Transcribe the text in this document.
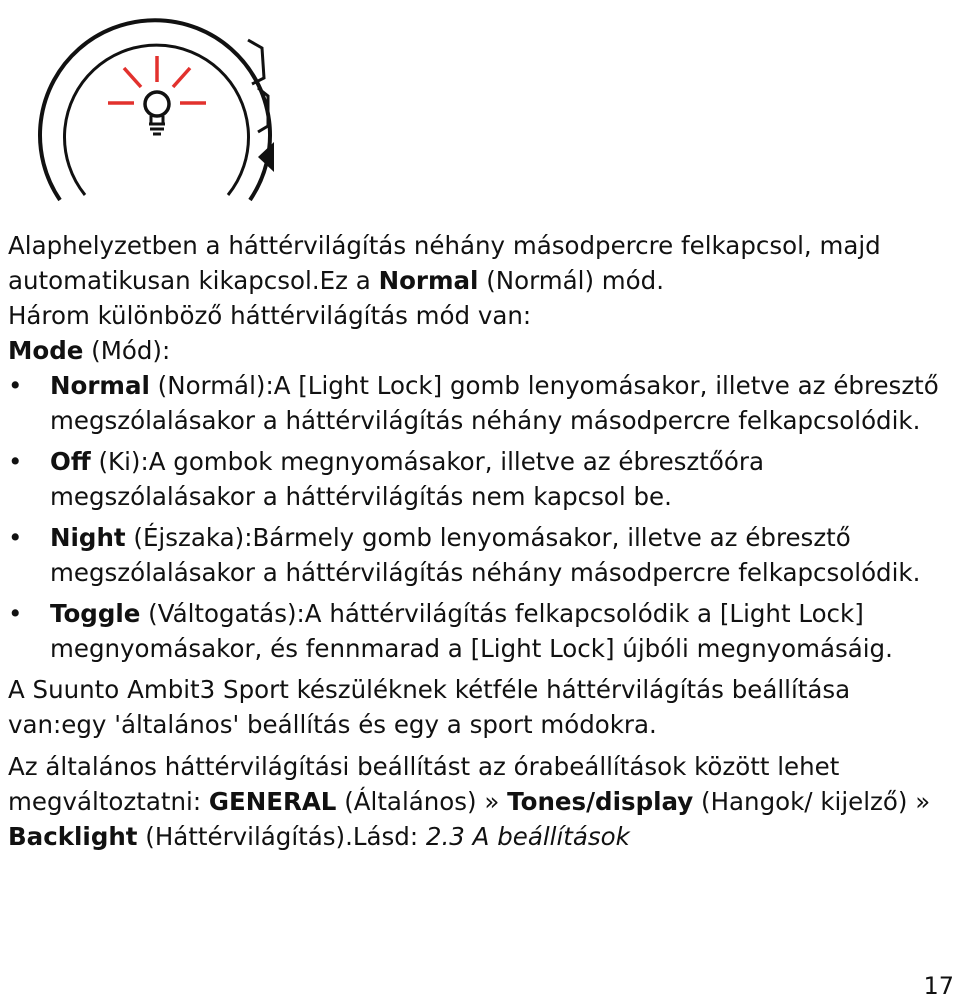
Alaphelyzetben a háttérvilágítás néhány másodpercre felkapcsol, majd automatikusan kikapcsol.Ez a Normal (Normál) mód.

Három különböző háttérvilágítás mód van:

Mode (Mód):

•	Normal (Normál):A [Light Lock] gomb lenyomásakor, illetve az ébresztő megszólalásakor a háttérvilágítás néhány másodpercre felkapcsolódik.
•	Off (Ki):A gombok megnyomásakor, illetve az ébresztőóra megszólalásakor a háttérvilágítás nem kapcsol be.
•	Night (Éjszaka):Bármely gomb lenyomásakor, illetve az ébresztő megszólalásakor a háttérvilágítás néhány másodpercre felkapcsolódik.
•	Toggle (Váltogatás):A háttérvilágítás felkapcsolódik a [Light Lock] megnyomásakor, és fennmarad a [Light Lock] újbóli megnyomásáig.

A Suunto Ambit3 Sport készüléknek kétféle háttérvilágítás beállítása van:egy 'általános' beállítás és egy a sport módokra.

Az általános háttérvilágítási beállítást az órabeállítások között lehet megváltoztatni: GENERAL (Általános) » Tones/display (Hangok/ kijelző) » Backlight (Háttérvilágítás).Lásd: 2.3 A beállítások

17
